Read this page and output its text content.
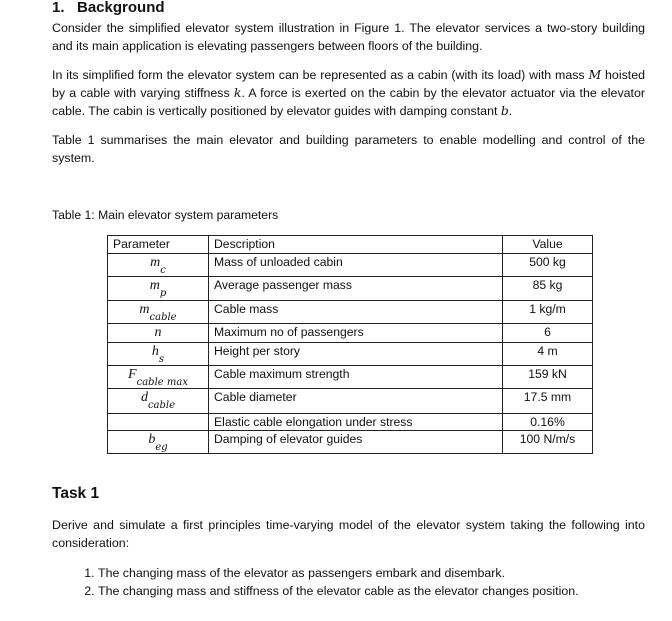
1.   Background
Consider the simplified elevator system illustration in Figure 1. The elevator services a two-story building and its main application is elevating passengers between floors of the building.
In its simplified form the elevator system can be represented as a cabin (with its load) with mass M hoisted by a cable with varying stiffness k. A force is exerted on the cabin by the elevator actuator via the elevator cable. The cabin is vertically positioned by elevator guides with damping constant b.
Table 1 summarises the main elevator and building parameters to enable modelling and control of the system.
Table 1: Main elevator system parameters
Parameter	Description	Value
$m_c$	Mass of unloaded cabin	500 kg
$m_p$	Average passenger mass	85 kg
$m_{cable}$	Cable mass	1 kg/m
n	Maximum no of passengers	6
$h_s$	Height per story	4 m
$F_{cable max}$	Cable maximum strength	159 kN
$d_{cable}$	Cable diameter	17.5 mm
	Elastic cable elongation under stress	0.16%
$b_{eg}$	Damping of elevator guides	100 N/m/s
Task 1
Derive and simulate a first principles time-varying model of the elevator system taking the following into consideration:
1. The changing mass of the elevator as passengers embark and disembark.
2. The changing mass and stiffness of the elevator cable as the elevator changes position.
